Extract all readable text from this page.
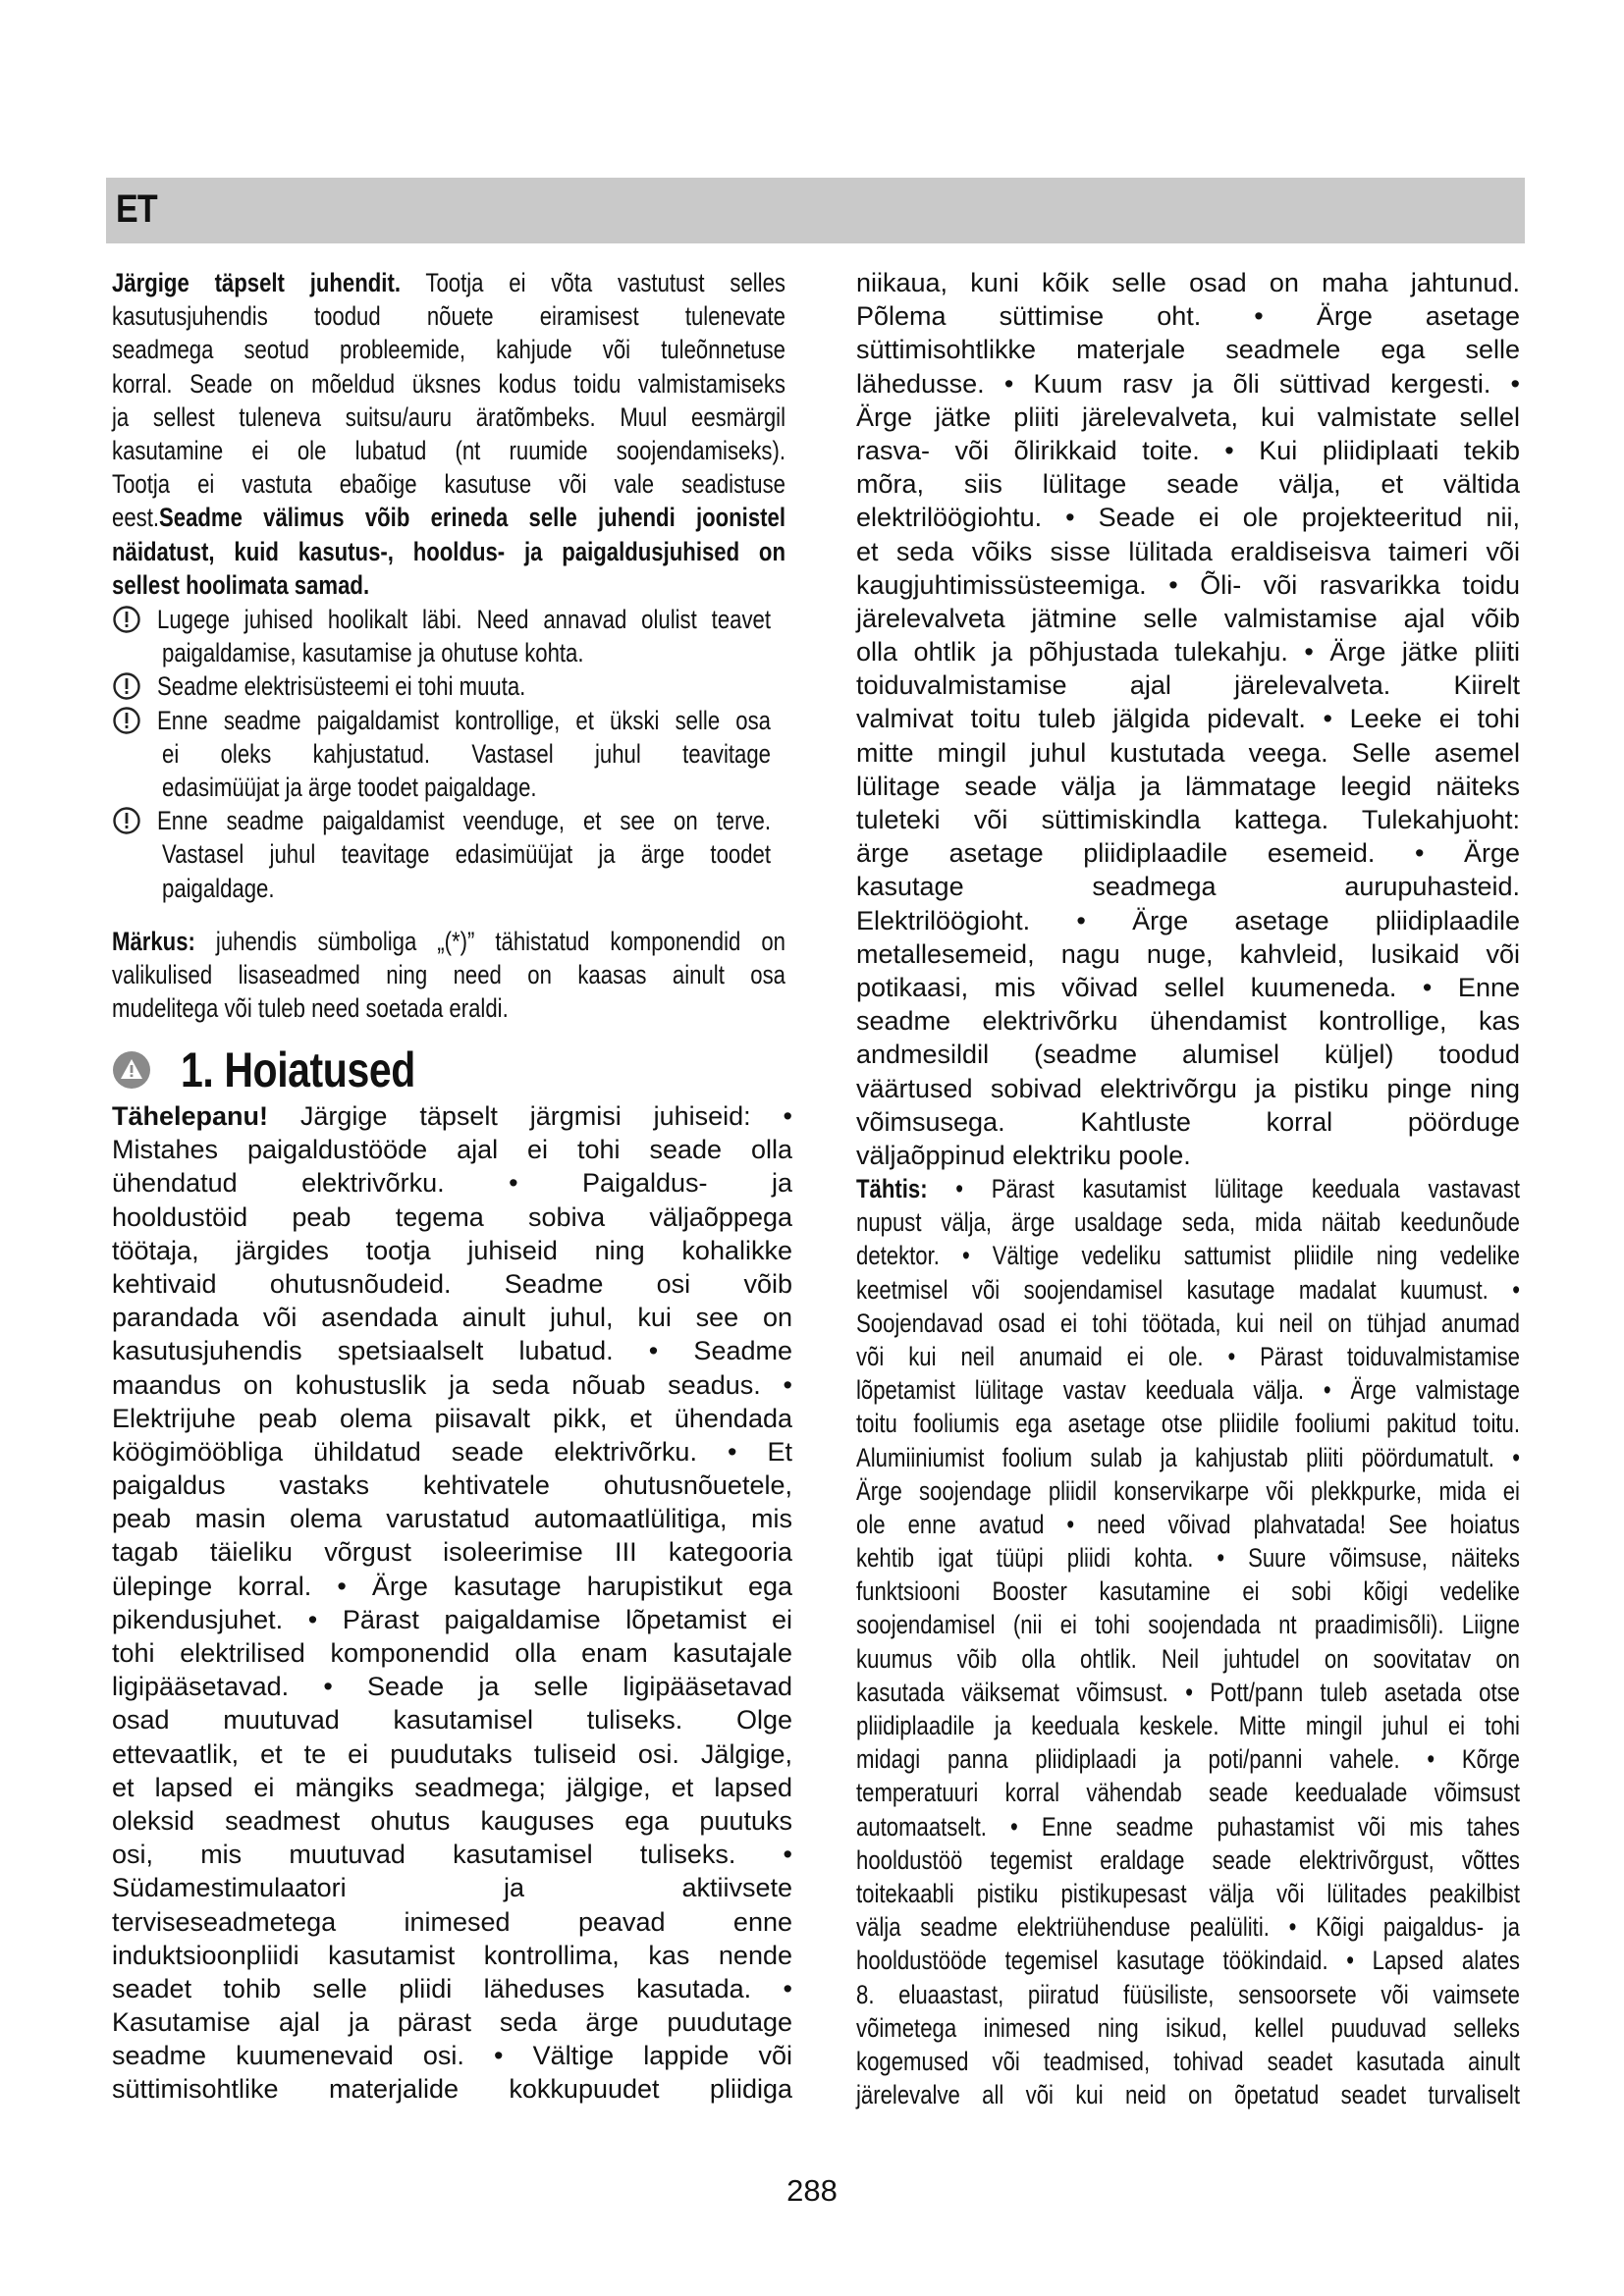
ET
Järgige täpselt juhendit. Tootja ei võta vastutust selles
kasutusjuhendis toodud nõuete eiramisest tulenevate
seadmega seotud probleemide, kahjude või tuleõnnetuse
korral. Seade on mõeldud üksnes kodus toidu valmistamiseks
ja sellest tuleneva suitsu/auru äratõmbeks. Muul eesmärgil
kasutamine ei ole lubatud (nt ruumide soojendamiseks).
Tootja ei vastuta ebaõige kasutuse või vale seadistuse
eest.Seadme välimus võib erineda selle juhendi joonistel
näidatust, kuid kasutus-, hooldus- ja paigaldusjuhised on
sellest hoolimata samad.
Lugege juhised hoolikalt läbi. Need annavad olulist teavet
paigaldamise, kasutamise ja ohutuse kohta.
Seadme elektrisüsteemi ei tohi muuta.
Enne seadme paigaldamist kontrollige, et ükski selle osa
ei oleks kahjustatud. Vastasel juhul teavitage
edasimüüjat ja ärge toodet paigaldage.
Enne seadme paigaldamist veenduge, et see on terve.
Vastasel juhul teavitage edasimüüjat ja ärge toodet
paigaldage.
Märkus: juhendis sümboliga „(*)” tähistatud komponendid on
valikulised lisaseadmed ning need on kaasas ainult osa
mudelitega või tuleb need soetada eraldi.
1. Hoiatused
Tähelepanu! Järgige täpselt järgmisi juhiseid: •
Mistahes paigaldustööde ajal ei tohi seade olla
ühendatud elektrivõrku. • Paigaldus- ja
hooldustöid peab tegema sobiva väljaõppega
töötaja, järgides tootja juhiseid ning kohalikke
kehtivaid ohutusnõudeid. Seadme osi võib
parandada või asendada ainult juhul, kui see on
kasutusjuhendis spetsiaalselt lubatud. • Seadme
maandus on kohustuslik ja seda nõuab seadus. •
Elektrijuhe peab olema piisavalt pikk, et ühendada
köögimööbliga ühildatud seade elektrivõrku. • Et
paigaldus vastaks kehtivatele ohutusnõuetele,
peab masin olema varustatud automaatlülitiga, mis
tagab täieliku võrgust isoleerimise III kategooria
ülepinge korral. • Ärge kasutage harupistikut ega
pikendusjuhet. • Pärast paigaldamise lõpetamist ei
tohi elektrilised komponendid olla enam kasutajale
ligipääsetavad. • Seade ja selle ligipääsetavad
osad muutuvad kasutamisel tuliseks. Olge
ettevaatlik, et te ei puudutaks tuliseid osi. Jälgige,
et lapsed ei mängiks seadmega; jälgige, et lapsed
oleksid seadmest ohutus kauguses ega puutuks
osi, mis muutuvad kasutamisel tuliseks. •
Südamestimulaatori ja aktiivsete
terviseseadmetega inimesed peavad enne
induktsioonpliidi kasutamist kontrollima, kas nende
seadet tohib selle pliidi läheduses kasutada. •
Kasutamise ajal ja pärast seda ärge puudutage
seadme kuumenevaid osi. • Vältige lappide või
süttimisohtlike materjalide kokkupuudet pliidiga
niikaua, kuni kõik selle osad on maha jahtunud.
Põlema süttimise oht. • Ärge asetage
süttimisohtlikke materjale seadmele ega selle
lähedusse. • Kuum rasv ja õli süttivad kergesti. •
Ärge jätke pliiti järelevalveta, kui valmistate sellel
rasva- või õlirikkaid toite. • Kui pliidiplaati tekib
mõra, siis lülitage seade välja, et vältida
elektrilöögiohtu. • Seade ei ole projekteeritud nii,
et seda võiks sisse lülitada eraldiseisva taimeri või
kaugjuhtimissüsteemiga. • Õli- või rasvarikka toidu
järelevalveta jätmine selle valmistamise ajal võib
olla ohtlik ja põhjustada tulekahju. • Ärge jätke pliiti
toiduvalmistamise ajal järelevalveta. Kiirelt
valmivat toitu tuleb jälgida pidevalt. • Leeke ei tohi
mitte mingil juhul kustutada veega. Selle asemel
lülitage seade välja ja lämmatage leegid näiteks
tuleteki või süttimiskindla kattega. Tulekahjuoht:
ärge asetage pliidiplaadile esemeid. • Ärge
kasutage seadmega aurupuhasteid.
Elektrilöögioht. • Ärge asetage pliidiplaadile
metallesemeid, nagu nuge, kahvleid, lusikaid või
potikaasi, mis võivad sellel kuumeneda. • Enne
seadme elektrivõrku ühendamist kontrollige, kas
andmesildil (seadme alumisel küljel) toodud
väärtused sobivad elektrivõrgu ja pistiku pinge ning
võimsusega. Kahtluste korral pöörduge
väljaõppinud elektriku poole.
Tähtis: • Pärast kasutamist lülitage keeduala vastavast
nupust välja, ärge usaldage seda, mida näitab keedunõude
detektor. • Vältige vedeliku sattumist pliidile ning vedelike
keetmisel või soojendamisel kasutage madalat kuumust. •
Soojendavad osad ei tohi töötada, kui neil on tühjad anumad
või kui neil anumaid ei ole. • Pärast toiduvalmistamise
lõpetamist lülitage vastav keeduala välja. • Ärge valmistage
toitu fooliumis ega asetage otse pliidile fooliumi pakitud toitu.
Alumiiniumist foolium sulab ja kahjustab pliiti pöördumatult. •
Ärge soojendage pliidil konservikarpe või plekkpurke, mida ei
ole enne avatud • need võivad plahvatada! See hoiatus
kehtib igat tüüpi pliidi kohta. • Suure võimsuse, näiteks
funktsiooni Booster kasutamine ei sobi kõigi vedelike
soojendamisel (nii ei tohi soojendada nt praadimisõli). Liigne
kuumus võib olla ohtlik. Neil juhtudel on soovitatav on
kasutada väiksemat võimsust. • Pott/pann tuleb asetada otse
pliidiplaadile ja keeduala keskele. Mitte mingil juhul ei tohi
midagi panna pliidiplaadi ja poti/panni vahele. • Kõrge
temperatuuri korral vähendab seade keedualade võimsust
automaatselt. • Enne seadme puhastamist või mis tahes
hooldustöö tegemist eraldage seade elektrivõrgust, võttes
toitekaabli pistiku pistikupesast välja või lülitades peakilbist
välja seadme elektriühenduse pealüliti. • Kõigi paigaldus- ja
hooldustööde tegemisel kasutage töökindaid. • Lapsed alates
8. eluaastast, piiratud füüsiliste, sensoorsete või vaimsete
võimetega inimesed ning isikud, kellel puuduvad selleks
kogemused või teadmised, tohivad seadet kasutada ainult
järelevalve all või kui neid on õpetatud seadet turvaliselt
288
